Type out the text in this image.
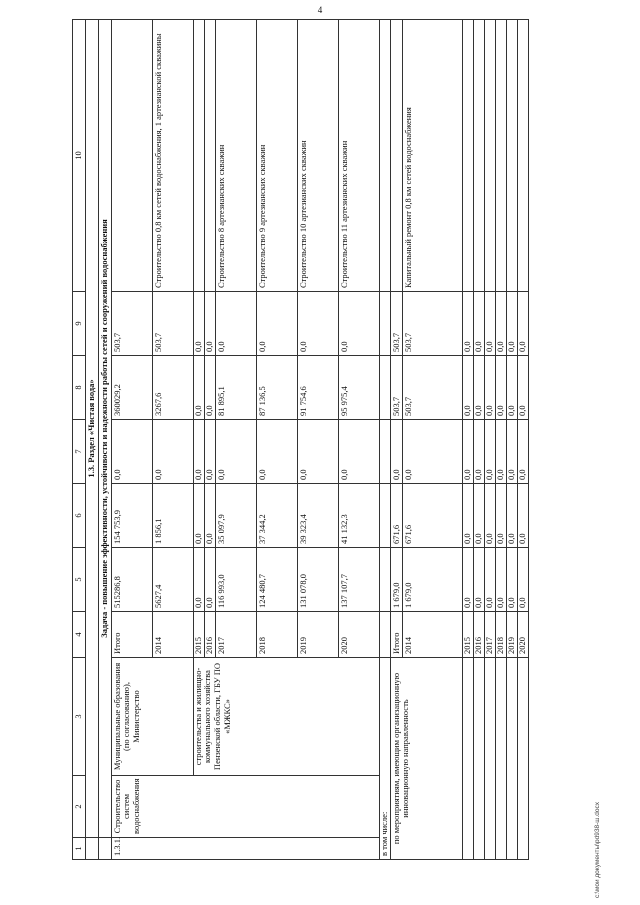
4
1	2	3	4	5	6	7	8	9	10
	1.3. Раздел «Чистая вода»								
	Задача - повышение эффективности, устойчивости и надежности работы сетей и сооружений водоснабжения								
1.3.1.	Строительство систем водоснабжения	Муниципальные образования (по согласованию), Министерство	Итого	515286,8	154 753,9	0,0	360029,2	503,7	
			2014	5627,4	1 856,1	0,0	3267,6	503,7	Строительство 0,8 км сетей водоснабжения, 1 артезианской скважины
		строительства и жилищно-коммунального хозяйства Пензенской области, ГБУ ПО «МЖКС»	2015	0,0	0,0	0,0	0,0	0,0	
			2016	0,0	0,0	0,0	0,0	0,0	
			2017	116 993,0	35 097,9	0,0	81 895,1	0,0	Строительство 8 артезианских скважин
			2018	124 480,7	37 344,2	0,0	87 136,5	0,0	Строительство 9 артезианских скважин
			2019	131 078,0	39 323,4	0,0	91 754,6	0,0	Строительство 10 артезианских скважин
			2020	137 107,7	41 132,3	0,0	95 975,4	0,0	Строительство 11 артезианских скважин
в том числе:									
по мероприятиям, имеющим организационную инновационную направленность			Итого	1 679,0	671,6	0,0	503,7	503,7	
			2014	1 679,0	671,6	0,0	503,7	503,7	Капитальный ремонт 0,8 км сетей водоснабжения
			2015	0,0	0,0	0,0	0,0	0,0	
			2016	0,0	0,0	0,0	0,0	0,0	
			2017	0,0	0,0	0,0	0,0	0,0	
			2018	0,0	0,0	0,0	0,0	0,0	
			2019	0,0	0,0	0,0	0,0	0,0	
			2020	0,0	0,0	0,0	0,0	0,0	
c:\мои документы\pd938-ш.docx
